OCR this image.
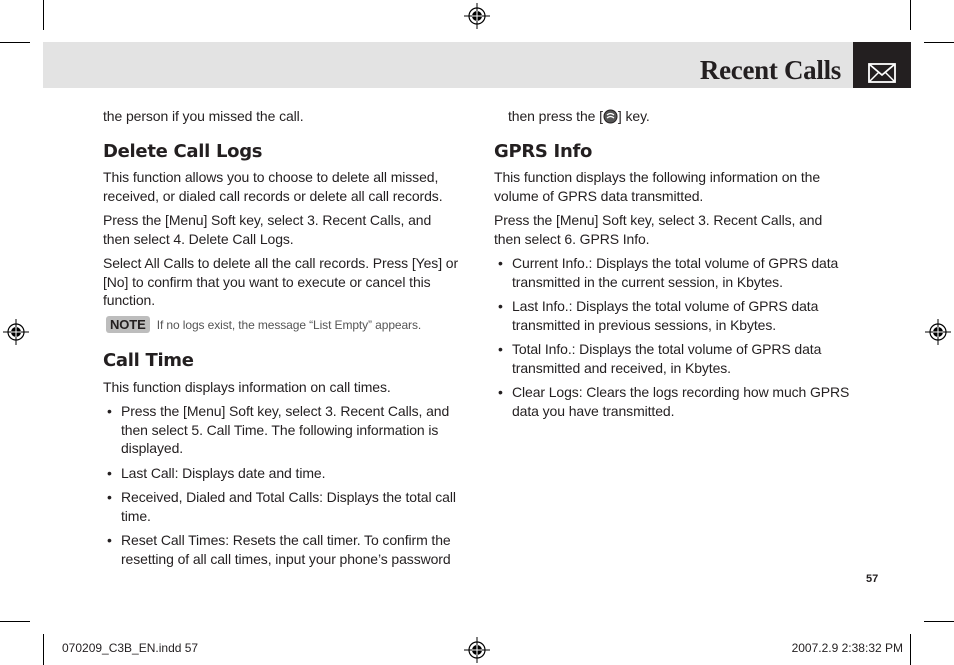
Recent Calls

the person if you missed the call.

Delete Call Logs

This function allows you to choose to delete all missed, received, or dialed call records or delete all call records.

Press the [Menu] Soft key, select 3. Recent Calls, and then select 4. Delete Call Logs.

Select All Calls to delete all the call records. Press [Yes] or [No] to confirm that you want to execute or cancel this function.

NOTE If no logs exist, the message “List Empty” appears.
Call Time

This function displays information on call times.

• Press the [Menu] Soft key, select 3. Recent Calls, and then select 5. Call Time. The following information is displayed.
• Last Call: Displays date and time.
• Received, Dialed and Total Calls: Displays the total call time.
• Reset Call Times: Resets the call timer. To confirm the resetting of all call times, input your phone’s password

then press the [ ] key.

GPRS Info

This function displays the following information on the volume of GPRS data transmitted.

Press the [Menu] Soft key, select 3. Recent Calls, and then select 6. GPRS Info.

• Current Info.: Displays the total volume of GPRS data transmitted in the current session, in Kbytes.
• Last Info.: Displays the total volume of GPRS data transmitted in previous sessions, in Kbytes.
• Total Info.: Displays the total volume of GPRS data transmitted and received, in Kbytes.
• Clear Logs: Clears the logs recording how much GPRS data you have transmitted.
57
070209_C3B_EN.indd 57	2007.2.9 2:38:32 PM
